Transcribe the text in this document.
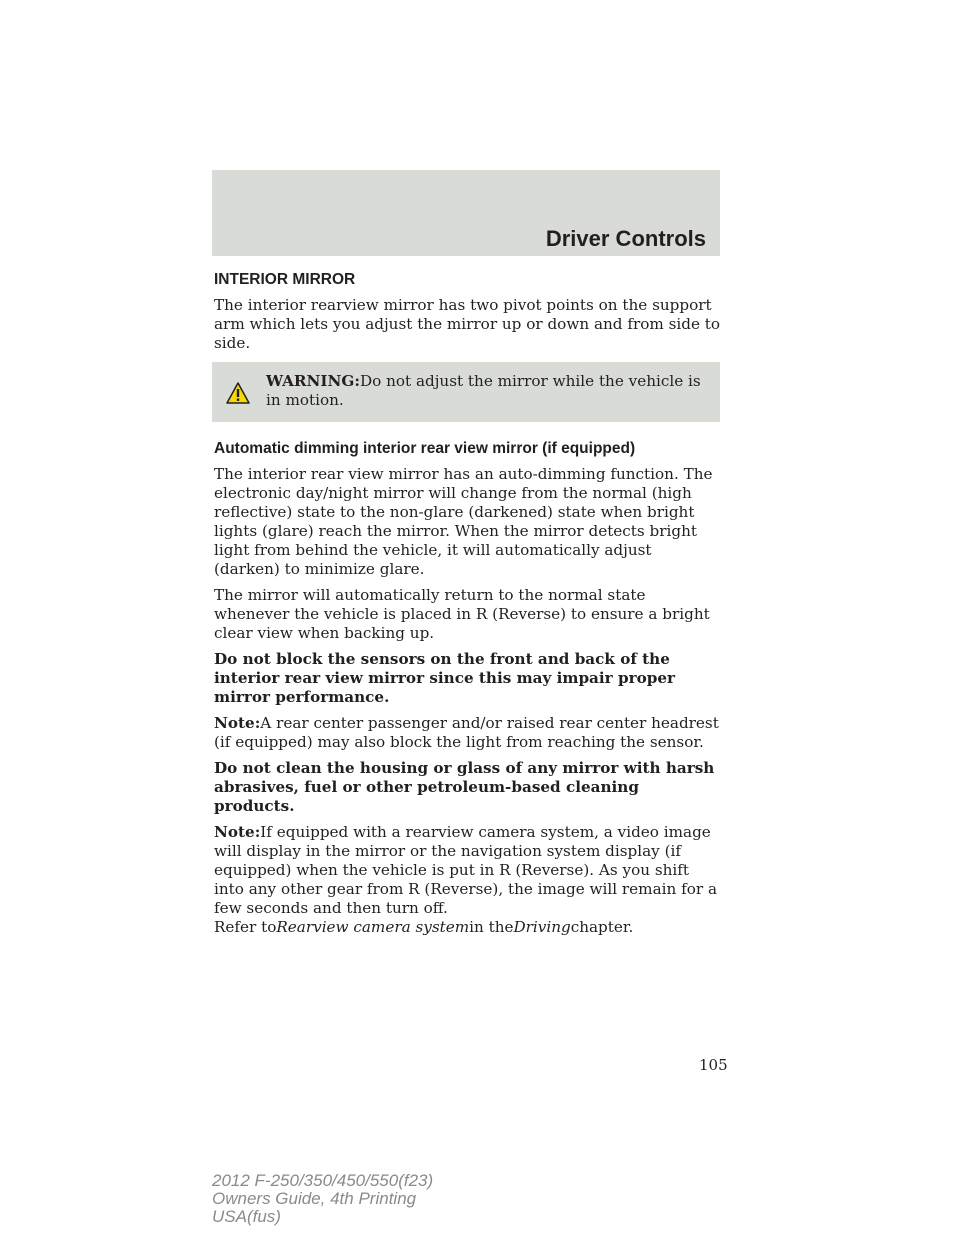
Driver Controls
INTERIOR MIRROR

The interior rearview mirror has two pivot points on the support arm which lets you adjust the mirror up or down and from side to side.

WARNING:Do not adjust the mirror while the vehicle is in motion.
Automatic dimming interior rear view mirror (if equipped)

The interior rear view mirror has an auto-dimming function. The electronic day/night mirror will change from the normal (high reflective) state to the non-glare (darkened) state when bright lights (glare) reach the mirror. When the mirror detects bright light from behind the vehicle, it will automatically adjust (darken) to minimize glare.

The mirror will automatically return to the normal state whenever the vehicle is placed in R (Reverse) to ensure a bright clear view when backing up.

Do not block the sensors on the front and back of the interior rear view mirror since this may impair proper mirror performance.

Note:A rear center passenger and/or raised rear center headrest (if equipped) may also block the light from reaching the sensor.

Do not clean the housing or glass of any mirror with harsh abrasives, fuel or other petroleum-based cleaning products.

Note:If equipped with a rearview camera system, a video image will display in the mirror or the navigation system display (if equipped) when the vehicle is put in R (Reverse). As you shift into any other gear from R (Reverse), the image will remain for a few seconds and then turn off.
Refer toRearview camera systemin theDrivingchapter.

105
2012 F-250/350/450/550(f23)
Owners Guide, 4th Printing
USA(fus)
